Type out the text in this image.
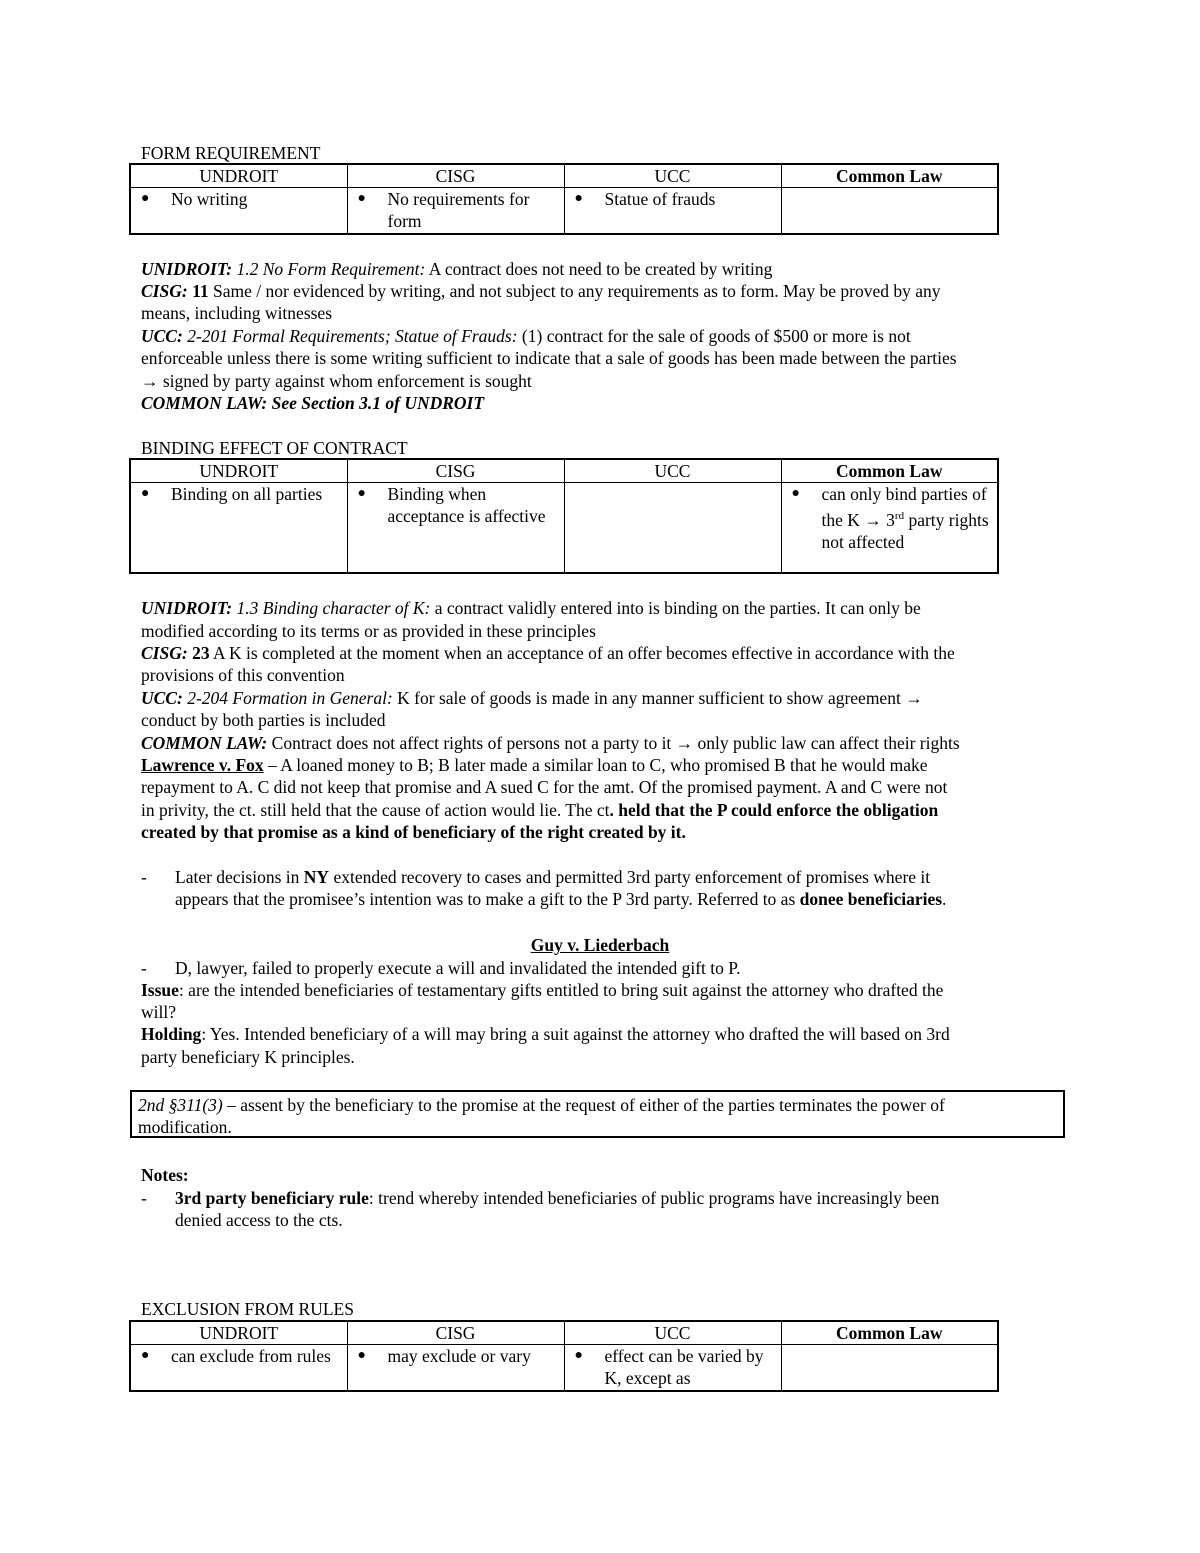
FORM REQUIREMENT
UNDROIT	CISG	UCC	Common Law

● No writing	● No requirements for form	● Statue of frauds	

UNIDROIT: 1.2 No Form Requirement: A contract does not need to be created by writing
CISG: 11 Same / nor evidenced by writing, and not subject to any requirements as to form. May be proved by any
means, including witnesses
UCC: 2-201 Formal Requirements; Statue of Frauds: (1) contract for the sale of goods of $500 or more is not
enforceable unless there is some writing sufficient to indicate that a sale of goods has been made between the parties
→ signed by party against whom enforcement is sought
COMMON LAW: See Section 3.1 of UNDROIT
BINDING EFFECT OF CONTRACT
UNDROIT	CISG	UCC	Common Law

● Binding on all parties	● Binding when acceptance is affective		● can only bind parties of the K → 3rd party rights not affected
UNIDROIT: 1.3 Binding character of K: a contract validly entered into is binding on the parties. It can only be
modified according to its terms or as provided in these principles
CISG: 23 A K is completed at the moment when an acceptance of an offer becomes effective in accordance with the
provisions of this convention
UCC: 2-204 Formation in General: K for sale of goods is made in any manner sufficient to show agreement →
conduct by both parties is included
COMMON LAW: Contract does not affect rights of persons not a party to it → only public law can affect their rights
Lawrence v. Fox – A loaned money to B; B later made a similar loan to C, who promised B that he would make
repayment to A. C did not keep that promise and A sued C for the amt. Of the promised payment. A and C were not
in privity, the ct. still held that the cause of action would lie. The ct. held that the P could enforce the obligation
created by that promise as a kind of beneficiary of the right created by it.
-	Later decisions in NY extended recovery to cases and permitted 3rd party enforcement of promises where it
appears that the promisee’s intention was to make a gift to the P 3rd party. Referred to as donee beneficiaries.
Guy v. Liederbach
-	D, lawyer, failed to properly execute a will and invalidated the intended gift to P.
Issue: are the intended beneficiaries of testamentary gifts entitled to bring suit against the attorney who drafted the
will?
Holding: Yes. Intended beneficiary of a will may bring a suit against the attorney who drafted the will based on 3rd
party beneficiary K principles.
2nd §311(3) – assent by the beneficiary to the promise at the request of either of the parties terminates the power of
modification.
Notes:
-	3rd party beneficiary rule: trend whereby intended beneficiaries of public programs have increasingly been
denied access to the cts.
EXCLUSION FROM RULES
UNDROIT	CISG	UCC	Common Law

● can exclude from rules	● may exclude or vary	● effect can be varied by K, except as	
